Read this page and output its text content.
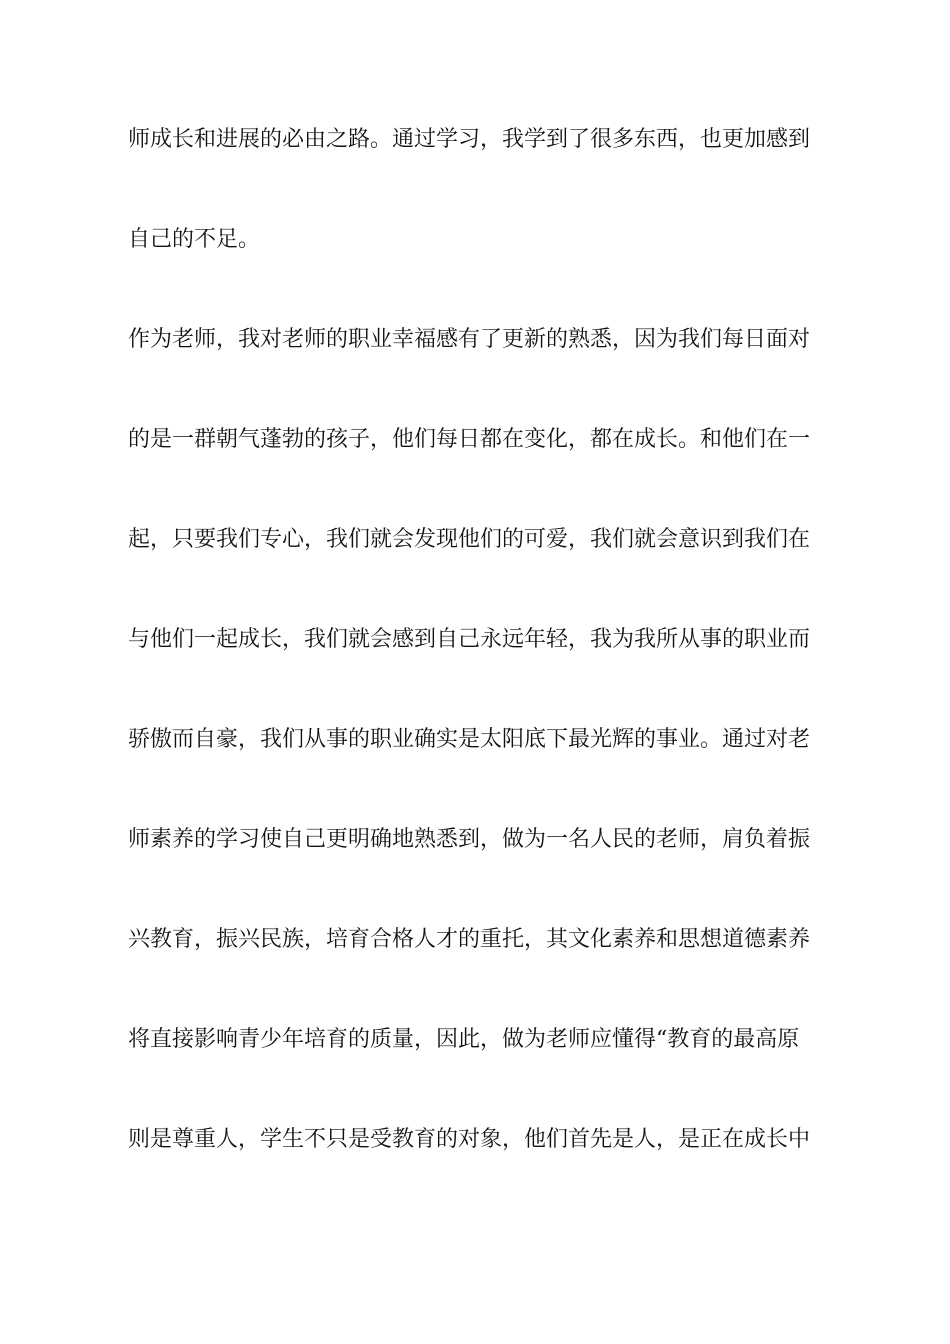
师成长和进展的必由之路。通过学习，我学到了很多东西，也更加感到
自己的不足。
作为老师，我对老师的职业幸福感有了更新的熟悉，因为我们每日面对
的是一群朝气蓬勃的孩子，他们每日都在变化，都在成长。和他们在一
起，只要我们专心，我们就会发现他们的可爱，我们就会意识到我们在
与他们一起成长，我们就会感到自己永远年轻，我为我所从事的职业而
骄傲而自豪，我们从事的职业确实是太阳底下最光辉的事业。通过对老
师素养的学习使自己更明确地熟悉到，做为一名人民的老师，肩负着振
兴教育，振兴民族，培育合格人才的重托，其文化素养和思想道德素养
将直接影响青少年培育的质量，因此，做为老师应懂得“教育的最高原
则是尊重人，学生不只是受教育的对象，他们首先是人，是正在成长中
